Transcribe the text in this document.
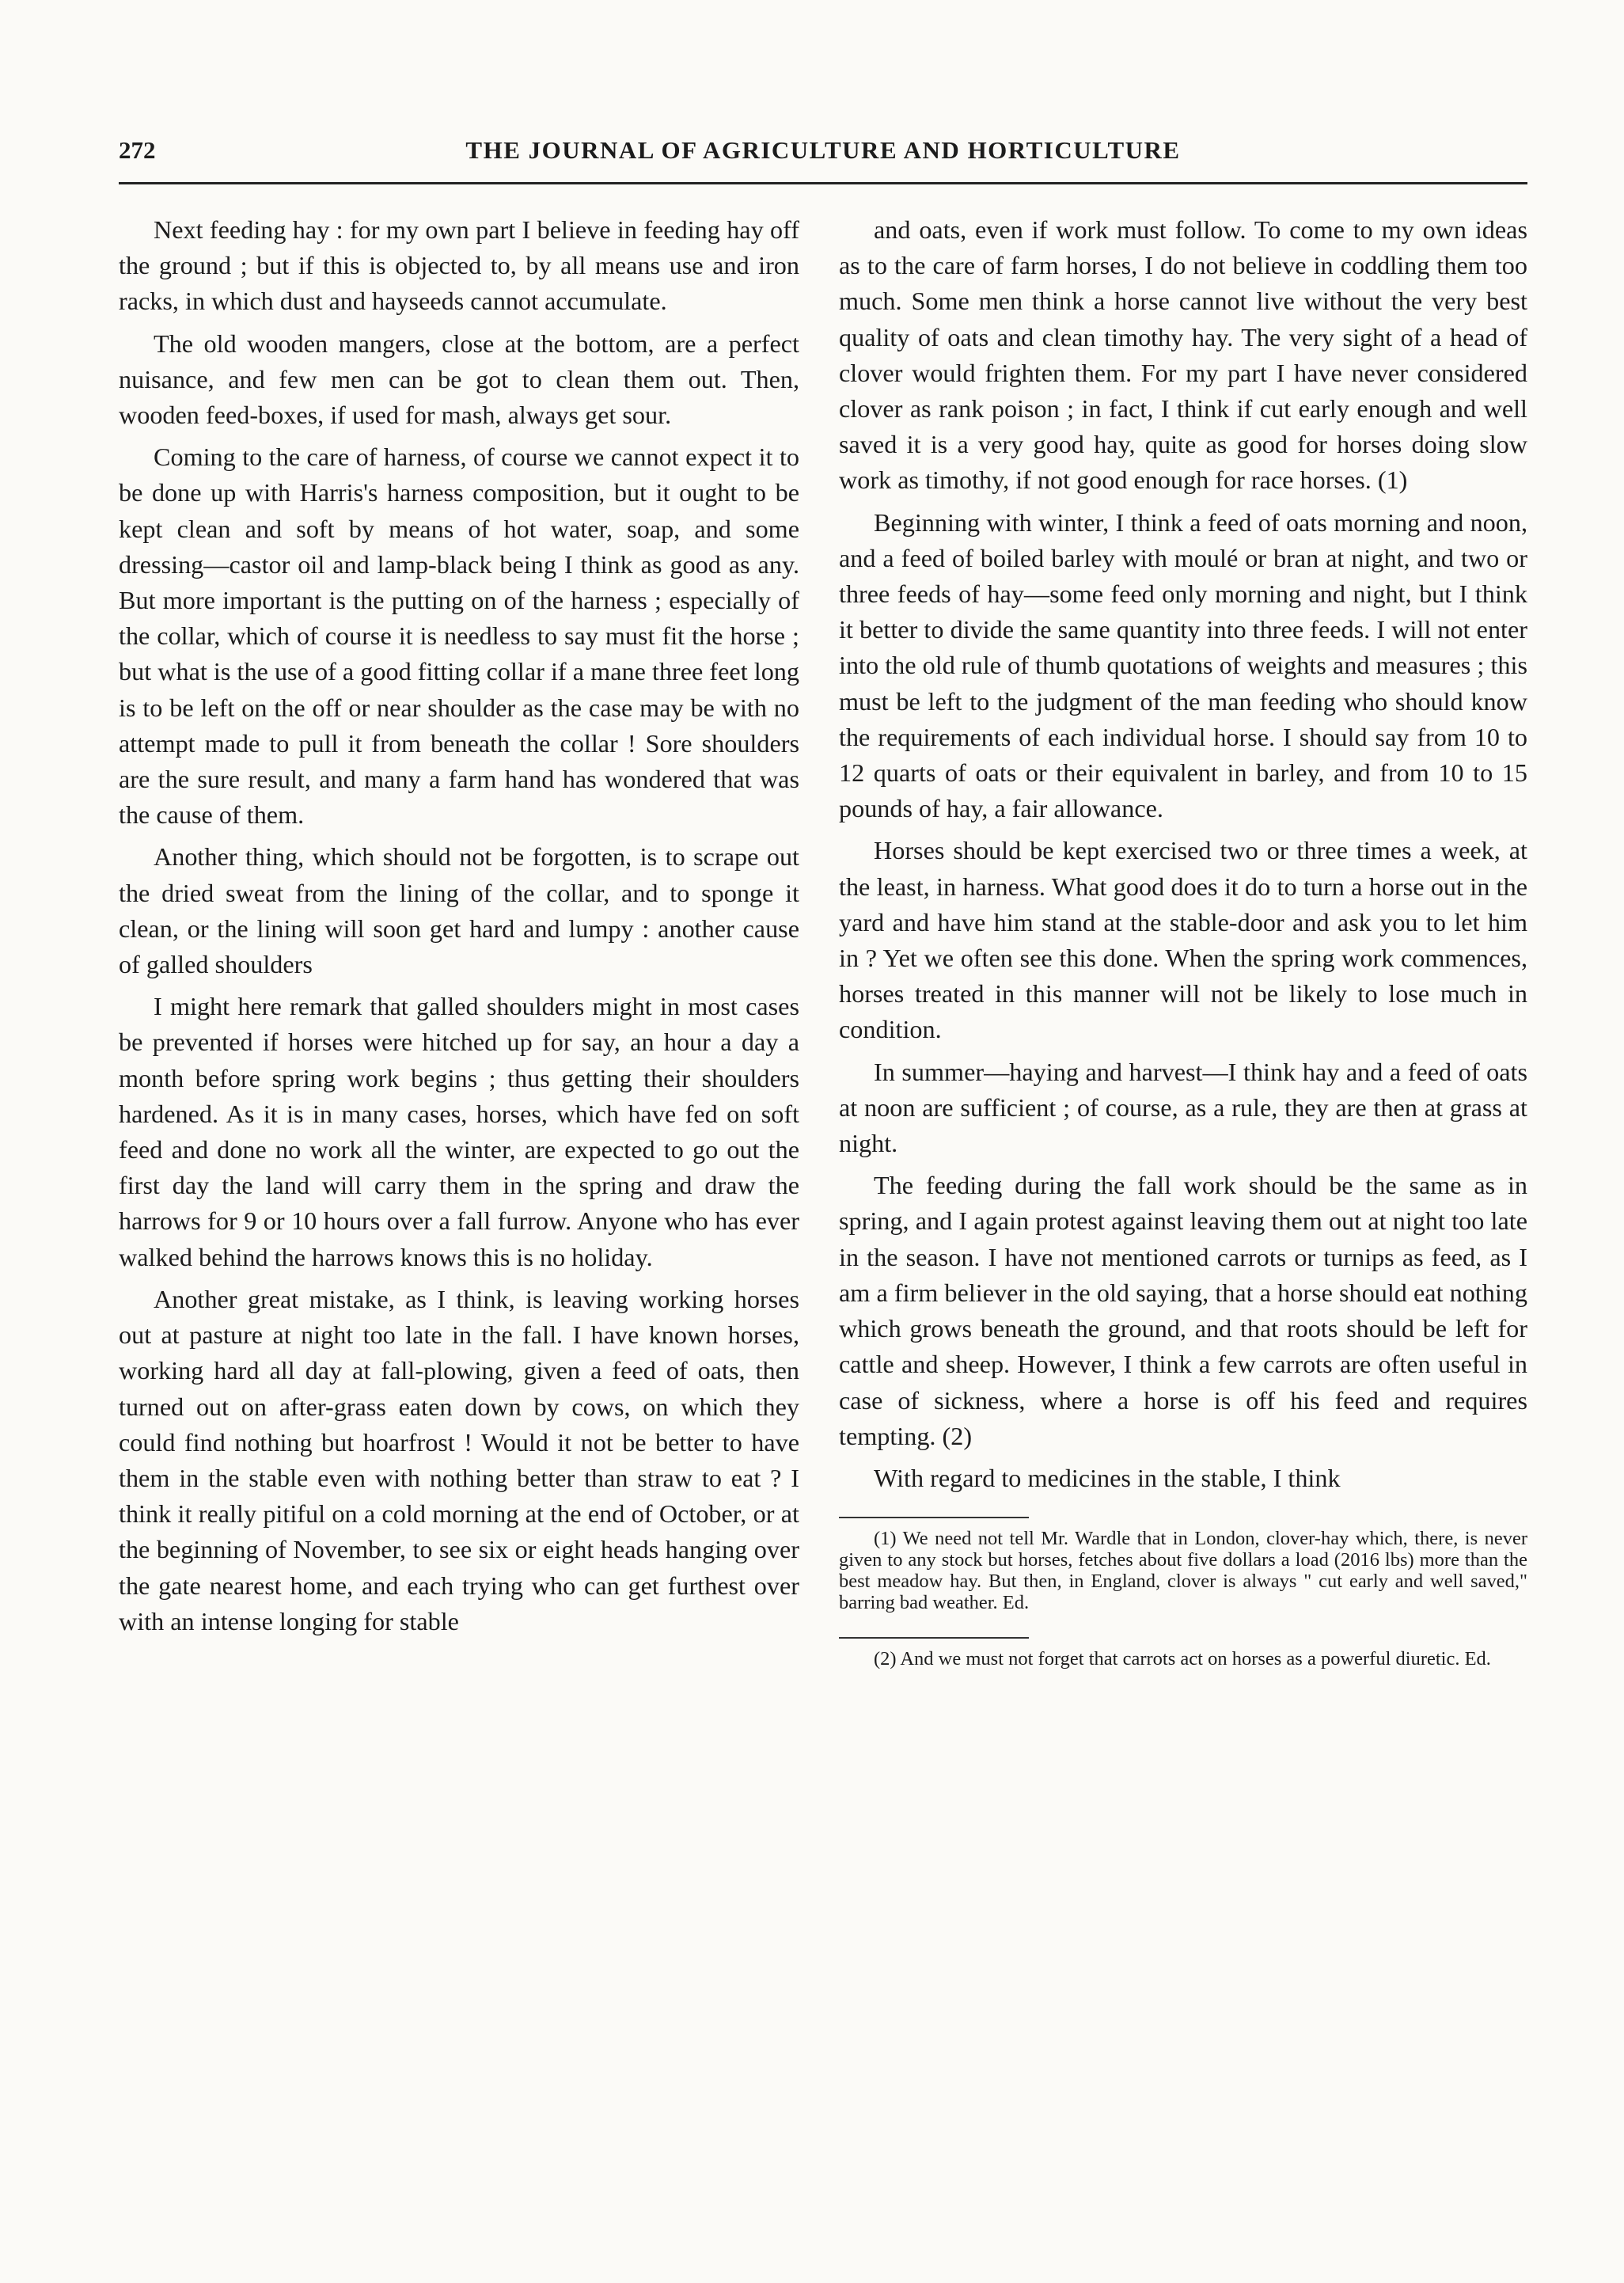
272	THE JOURNAL OF AGRICULTURE AND HORTICULTURE

Next feeding hay : for my own part I believe in feeding hay off the ground ; but if this is objected to, by all means use and iron racks, in which dust and hayseeds cannot accumulate.

The old wooden mangers, close at the bottom, are a perfect nuisance, and few men can be got to clean them out. Then, wooden feed-boxes, if used for mash, always get sour.

Coming to the care of harness, of course we cannot expect it to be done up with Harris's harness composition, but it ought to be kept clean and soft by means of hot water, soap, and some dressing—castor oil and lamp-black being I think as good as any. But more important is the putting on of the harness ; especially of the collar, which of course it is needless to say must fit the horse ; but what is the use of a good fitting collar if a mane three feet long is to be left on the off or near shoulder as the case may be with no attempt made to pull it from beneath the collar ! Sore shoulders are the sure result, and many a farm hand has wondered that was the cause of them.

Another thing, which should not be forgotten, is to scrape out the dried sweat from the lining of the collar, and to sponge it clean, or the lining will soon get hard and lumpy : another cause of galled shoulders

I might here remark that galled shoulders might in most cases be prevented if horses were hitched up for say, an hour a day a month before spring work begins ; thus getting their shoulders hardened. As it is in many cases, horses, which have fed on soft feed and done no work all the winter, are expected to go out the first day the land will carry them in the spring and draw the harrows for 9 or 10 hours over a fall furrow. Anyone who has ever walked behind the harrows knows this is no holiday.

Another great mistake, as I think, is leaving working horses out at pasture at night too late in the fall. I have known horses, working hard all day at fall-plowing, given a feed of oats, then turned out on after-grass eaten down by cows, on which they could find nothing but hoarfrost ! Would it not be better to have them in the stable even with nothing better than straw to eat ? I think it really pitiful on a cold morning at the end of October, or at the beginning of November, to see six or eight heads hanging over the gate nearest home, and each trying who can get furthest over with an intense longing for stable

and oats, even if work must follow. To come to my own ideas as to the care of farm horses, I do not believe in coddling them too much. Some men think a horse cannot live without the very best quality of oats and clean timothy hay. The very sight of a head of clover would frighten them. For my part I have never considered clover as rank poison ; in fact, I think if cut early enough and well saved it is a very good hay, quite as good for horses doing slow work as timothy, if not good enough for race horses. (1)

Beginning with winter, I think a feed of oats morning and noon, and a feed of boiled barley with moulé or bran at night, and two or three feeds of hay—some feed only morning and night, but I think it better to divide the same quantity into three feeds. I will not enter into the old rule of thumb quotations of weights and measures ; this must be left to the judgment of the man feeding who should know the requirements of each individual horse. I should say from 10 to 12 quarts of oats or their equivalent in barley, and from 10 to 15 pounds of hay, a fair allowance.

Horses should be kept exercised two or three times a week, at the least, in harness. What good does it do to turn a horse out in the yard and have him stand at the stable-door and ask you to let him in ? Yet we often see this done. When the spring work commences, horses treated in this manner will not be likely to lose much in condition.

In summer—haying and harvest—I think hay and a feed of oats at noon are sufficient ; of course, as a rule, they are then at grass at night.

The feeding during the fall work should be the same as in spring, and I again protest against leaving them out at night too late in the season. I have not mentioned carrots or turnips as feed, as I am a firm believer in the old saying, that a horse should eat nothing which grows beneath the ground, and that roots should be left for cattle and sheep. However, I think a few carrots are often useful in case of sickness, where a horse is off his feed and requires tempting. (2)

With regard to medicines in the stable, I think

(1) We need not tell Mr. Wardle that in London, clover-hay which, there, is never given to any stock but horses, fetches about five dollars a load (2016 lbs) more than the best meadow hay. But then, in England, clover is always " cut early and well saved," barring bad weather. Ed.

(2) And we must not forget that carrots act on horses as a powerful diuretic. Ed.
